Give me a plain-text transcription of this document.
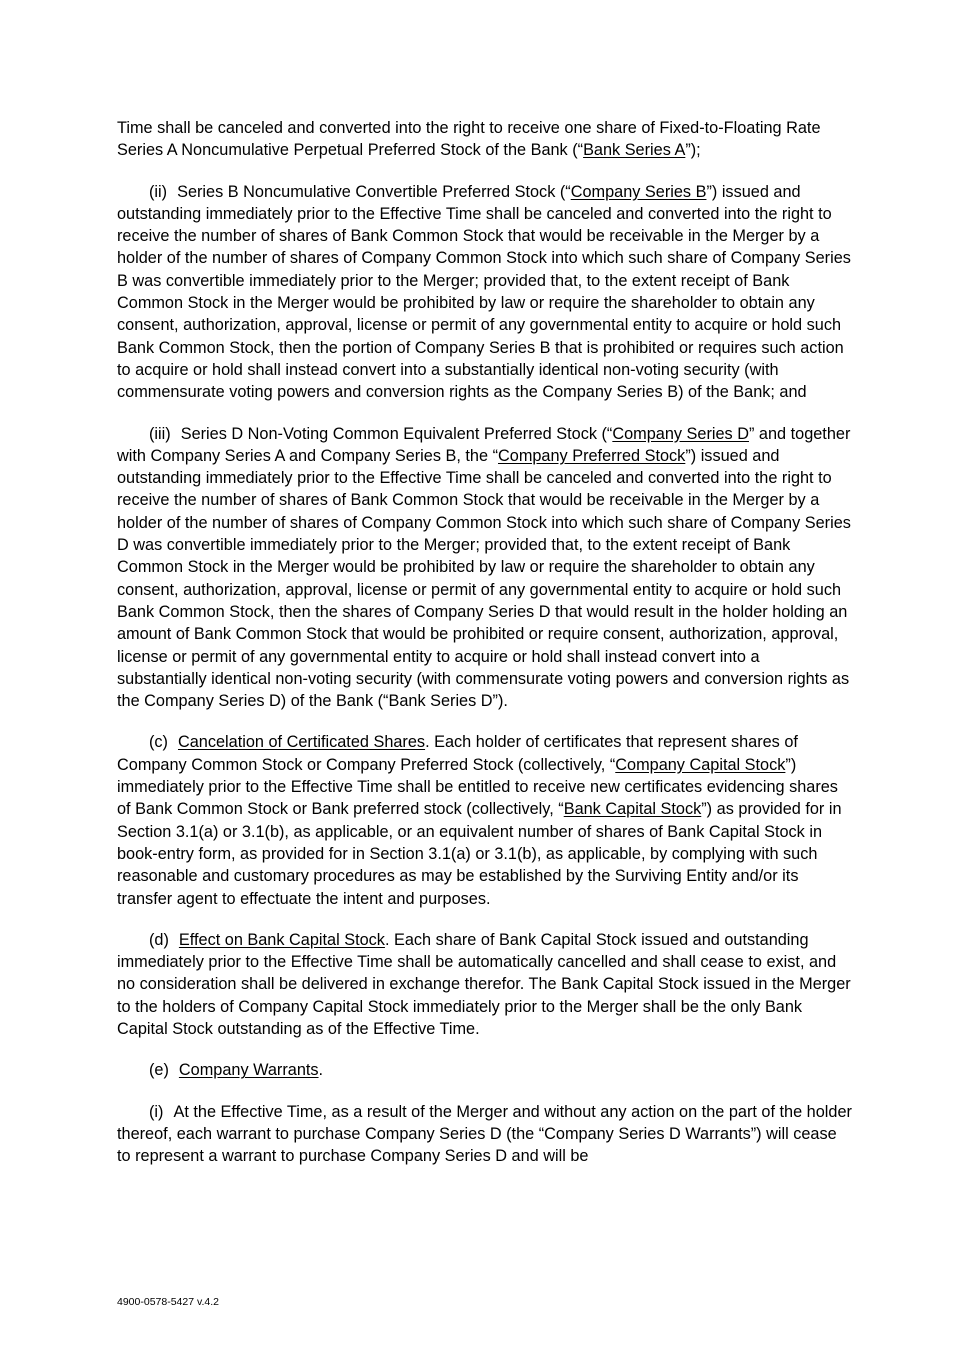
Time shall be canceled and converted into the right to receive one share of Fixed-to-Floating Rate Series A Noncumulative Perpetual Preferred Stock of the Bank (“Bank Series A”);

(ii) Series B Noncumulative Convertible Preferred Stock (“Company Series B”) issued and outstanding immediately prior to the Effective Time shall be canceled and converted into the right to receive the number of shares of Bank Common Stock that would be receivable in the Merger by a holder of the number of shares of Company Common Stock into which such share of Company Series B was convertible immediately prior to the Merger; provided that, to the extent receipt of Bank Common Stock in the Merger would be prohibited by law or require the shareholder to obtain any consent, authorization, approval, license or permit of any governmental entity to acquire or hold such Bank Common Stock, then the portion of Company Series B that is prohibited or requires such action to acquire or hold shall instead convert into a substantially identical non-voting security (with commensurate voting powers and conversion rights as the Company Series B) of the Bank; and

(iii) Series D Non-Voting Common Equivalent Preferred Stock (“Company Series D” and together with Company Series A and Company Series B, the “Company Preferred Stock”) issued and outstanding immediately prior to the Effective Time shall be canceled and converted into the right to receive the number of shares of Bank Common Stock that would be receivable in the Merger by a holder of the number of shares of Company Common Stock into which such share of Company Series D was convertible immediately prior to the Merger; provided that, to the extent receipt of Bank Common Stock in the Merger would be prohibited by law or require the shareholder to obtain any consent, authorization, approval, license or permit of any governmental entity to acquire or hold such Bank Common Stock, then the shares of Company Series D that would result in the holder holding an amount of Bank Common Stock that would be prohibited or require consent, authorization, approval, license or permit of any governmental entity to acquire or hold shall instead convert into a substantially identical non-voting security (with commensurate voting powers and conversion rights as the Company Series D) of the Bank (“Bank Series D”).

(c) Cancelation of Certificated Shares. Each holder of certificates that represent shares of Company Common Stock or Company Preferred Stock (collectively, “Company Capital Stock”) immediately prior to the Effective Time shall be entitled to receive new certificates evidencing shares of Bank Common Stock or Bank preferred stock (collectively, “Bank Capital Stock”) as provided for in Section 3.1(a) or 3.1(b), as applicable, or an equivalent number of shares of Bank Capital Stock in book-entry form, as provided for in Section 3.1(a) or 3.1(b), as applicable, by complying with such reasonable and customary procedures as may be established by the Surviving Entity and/or its transfer agent to effectuate the intent and purposes.

(d) Effect on Bank Capital Stock. Each share of Bank Capital Stock issued and outstanding immediately prior to the Effective Time shall be automatically cancelled and shall cease to exist, and no consideration shall be delivered in exchange therefor. The Bank Capital Stock issued in the Merger to the holders of Company Capital Stock immediately prior to the Merger shall be the only Bank Capital Stock outstanding as of the Effective Time.

(e) Company Warrants.

(i) At the Effective Time, as a result of the Merger and without any action on the part of the holder thereof, each warrant to purchase Company Series D (the “Company Series D Warrants”) will cease to represent a warrant to purchase Company Series D and will be

4900-0578-5427 v.4.2
